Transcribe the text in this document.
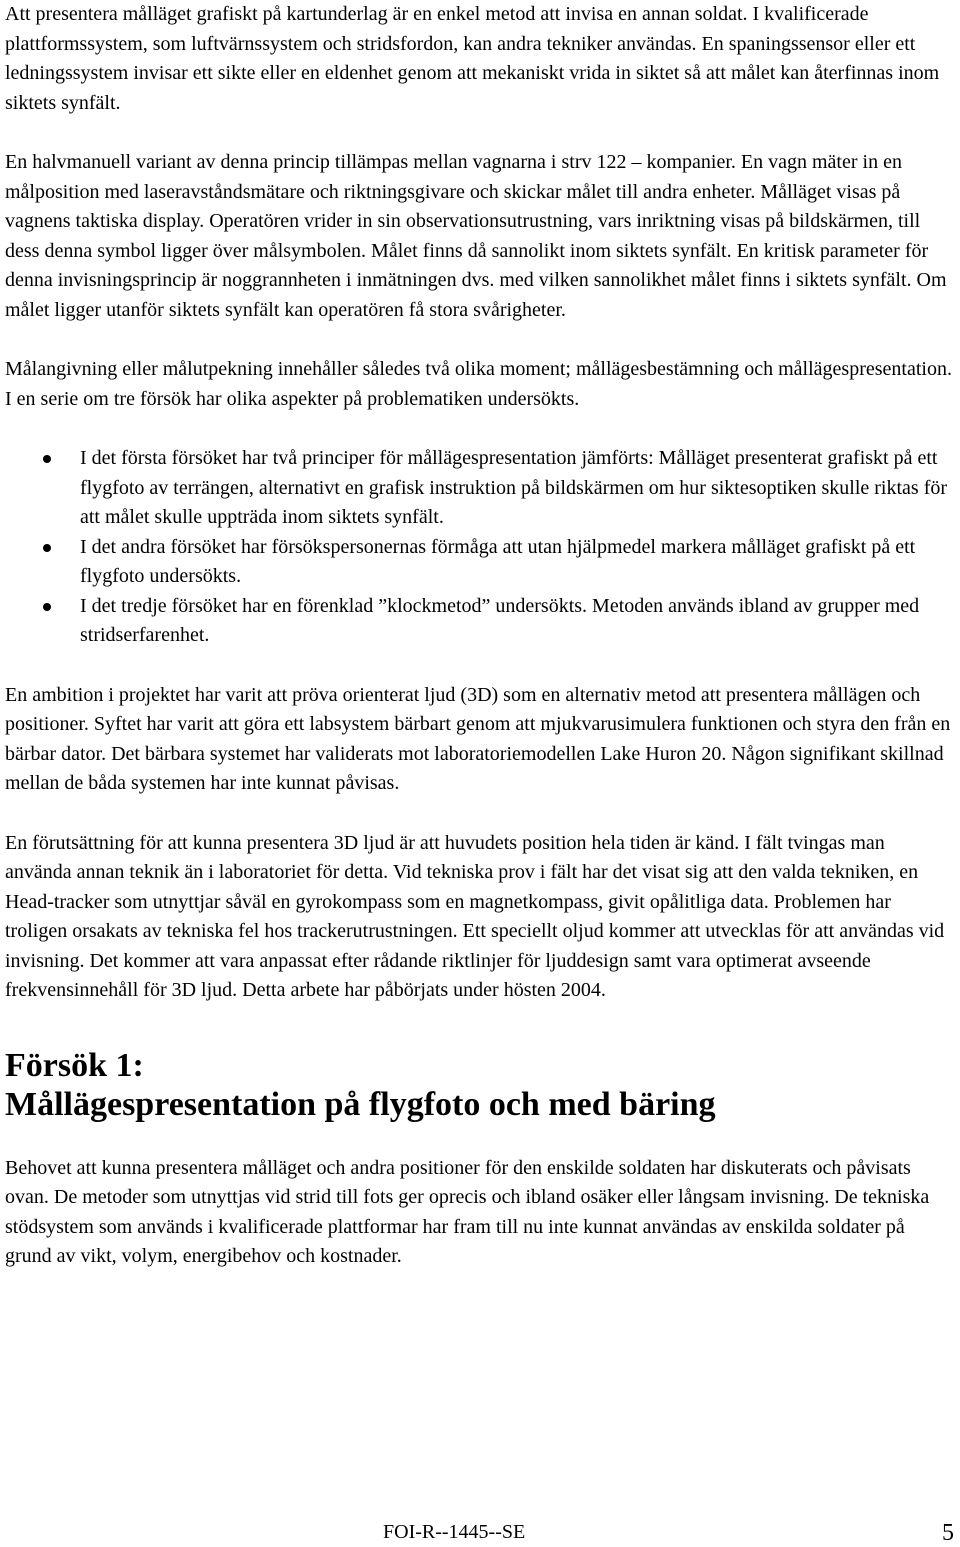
Att presentera målläget grafiskt på kartunderlag är en enkel metod att invisa en annan soldat. I kvalificerade plattformssystem, som luftvärnssystem och stridsfordon, kan andra tekniker användas. En spaningssensor eller ett ledningssystem invisar ett sikte eller en eldenhet genom att mekaniskt vrida in siktet så att målet kan återfinnas inom siktets synfält.

En halvmanuell variant av denna princip tillämpas mellan vagnarna i strv 122 – kompanier. En vagn mäter in en målposition med laseravståndsmätare och riktningsgivare och skickar målet till andra enheter. Målläget visas på vagnens taktiska display. Operatören vrider in sin observationsutrustning, vars inriktning visas på bildskärmen, till dess denna symbol ligger över målsymbolen. Målet finns då sannolikt inom siktets synfält. En kritisk parameter för denna invisningsprincip är noggrannheten i inmätningen dvs. med vilken sannolikhet målet finns i siktets synfält. Om målet ligger utanför siktets synfält kan operatören få stora svårigheter.

Målangivning eller målutpekning innehåller således två olika moment; mållägesbestämning och mållägespresentation. I en serie om tre försök har olika aspekter på problematiken undersökts.

I det första försöket har två principer för mållägespresentation jämförts: Målläget presenterat grafiskt på ett flygfoto av terrängen, alternativt en grafisk instruktion på bildskärmen om hur siktesoptiken skulle riktas för att målet skulle uppträda inom siktets synfält.
I det andra försöket har försökspersonernas förmåga att utan hjälpmedel markera målläget grafiskt på ett flygfoto undersökts.
I det tredje försöket har en förenklad ”klockmetod” undersökts. Metoden används ibland av grupper med stridserfarenhet.

En ambition i projektet har varit att pröva orienterat ljud (3D) som en alternativ metod att presentera mållägen och positioner. Syftet har varit att göra ett labsystem bärbart genom att mjukvarusimulera funktionen och styra den från en bärbar dator. Det bärbara systemet har validerats mot laboratoriemodellen Lake Huron 20. Någon signifikant skillnad mellan de båda systemen har inte kunnat påvisas.

En förutsättning för att kunna presentera 3D ljud är att huvudets position hela tiden är känd. I fält tvingas man använda annan teknik än i laboratoriet för detta. Vid tekniska prov i fält har det visat sig att den valda tekniken, en Head-tracker som utnyttjar såväl en gyrokompass som en magnetkompass, givit opålitliga data. Problemen har troligen orsakats av tekniska fel hos trackerutrustningen. Ett speciellt oljud kommer att utvecklas för att användas vid invisning. Det kommer att vara anpassat efter rådande riktlinjer för ljuddesign samt vara optimerat avseende frekvensinnehåll för 3D ljud. Detta arbete har påbörjats under hösten 2004.

Försök 1:
Mållägespresentation på flygfoto och med bäring

Behovet att kunna presentera målläget och andra positioner för den enskilde soldaten har diskuterats och påvisats ovan. De metoder som utnyttjas vid strid till fots ger oprecis och ibland osäker eller långsam invisning. De tekniska stödsystem som används i kvalificerade plattformar har fram till nu inte kunnat användas av enskilda soldater på grund av vikt, volym, energibehov och kostnader.

FOI-R--1445--SE	5
